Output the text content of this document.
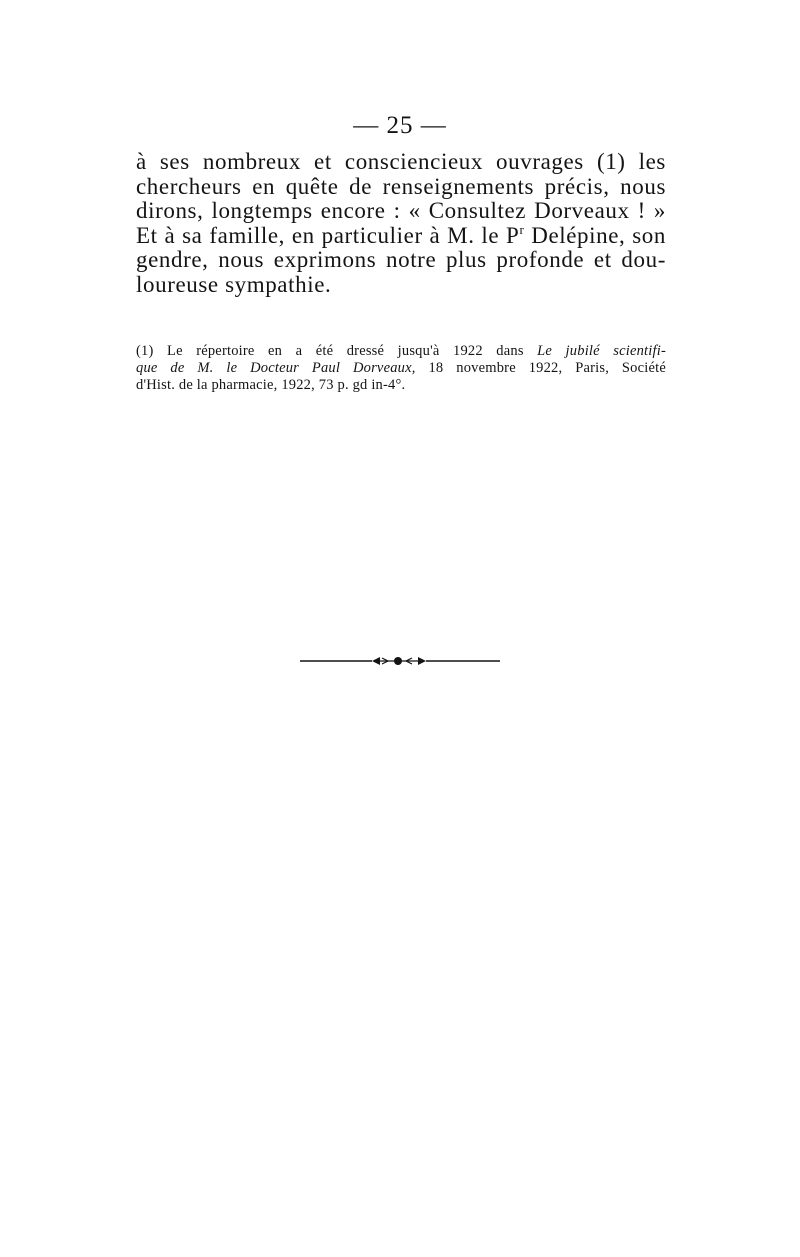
— 25 —
à ses nombreux et consciencieux ouvrages (1) les
chercheurs en quête de renseignements précis, nous
dirons, longtemps encore : « Consultez Dorveaux ! »
Et à sa famille, en particulier à M. le $P^r$ Delépine, son
gendre, nous exprimons notre plus profonde et dou-
loureuse sympathie.
(1) Le répertoire en a été dressé jusqu'à 1922 dans Le jubilé scientifi-
que de M. le Docteur Paul Dorveaux, 18 novembre 1922, Paris, Société
d'Hist. de la pharmacie, 1922, 73 p. gd in-4°.
